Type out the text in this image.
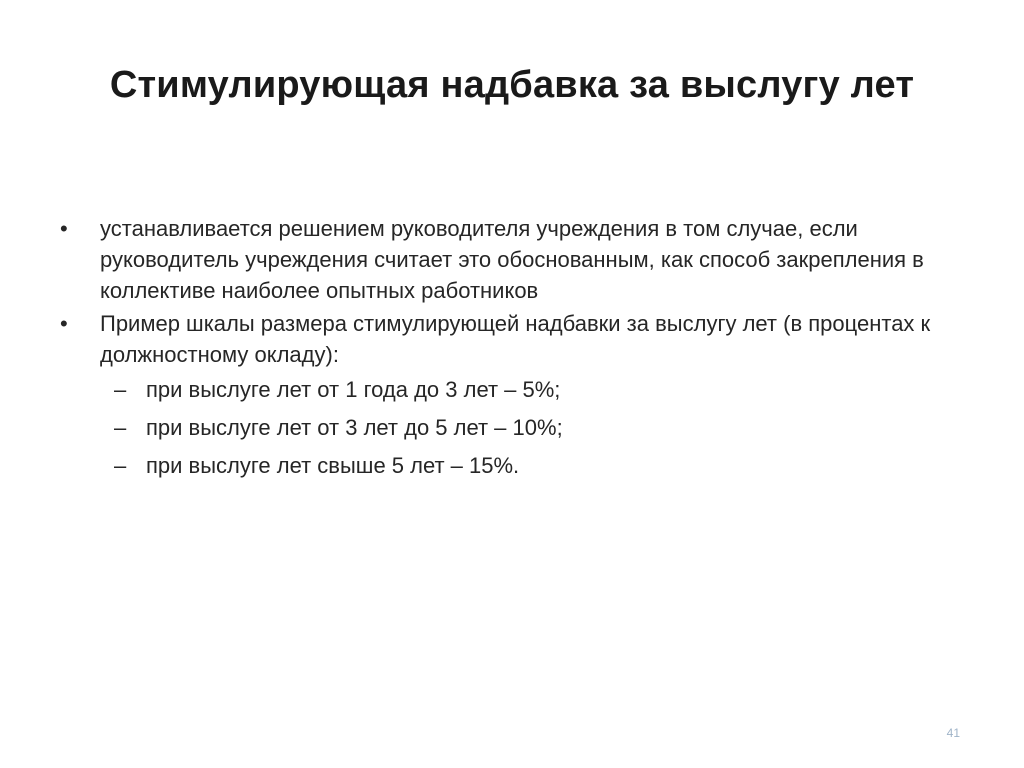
Стимулирующая надбавка за выслугу лет
•	устанавливается решением руководителя учреждения в том случае, если руководитель учреждения считает это обоснованным, как способ закрепления в коллективе наиболее опытных работников
•	Пример шкалы размера стимулирующей надбавки за выслугу лет (в процентах к должностному окладу):
– при выслуге лет от 1 года до 3 лет – 5%;
– при выслуге лет от 3 лет до 5 лет – 10%;
– при выслуге лет свыше 5 лет – 15%.
41
